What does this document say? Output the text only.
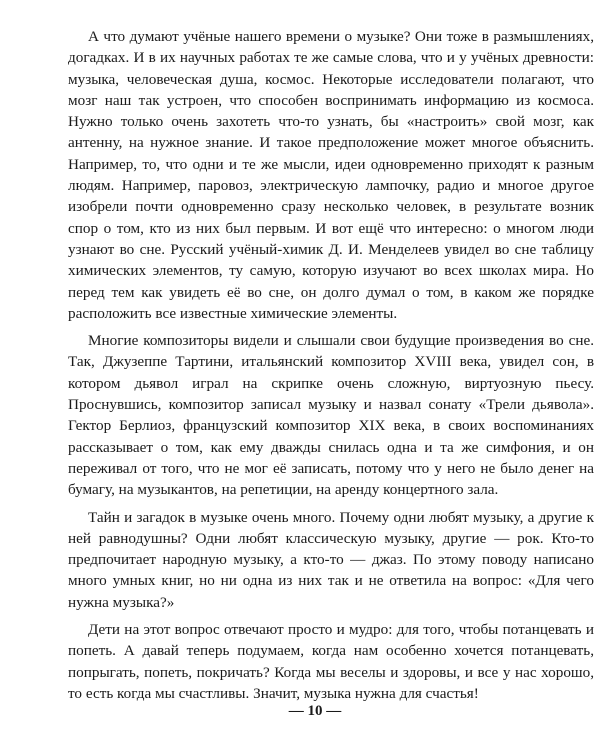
А что думают учёные нашего времени о музыке? Они тоже в размышлениях, догадках. И в их научных работах те же самые слова, что и у учёных древности: музыка, человеческая душа, космос. Некоторые исследователи полагают, что мозг наш так устроен, что способен воспринимать информацию из космоса. Нужно только очень захотеть что-то узнать, бы «настроить» свой мозг, как антенну, на нужное знание. И такое предположение может многое объяснить. Например, то, что одни и те же мысли, идеи одновременно приходят к разным людям. Например, паровоз, электрическую лампочку, радио и многое другое изобрели почти одновременно сразу несколько человек, в результате возник спор о том, кто из них был первым. И вот ещё что интересно: о многом люди узнают во сне. Русский учёный-химик Д. И. Менделеев увидел во сне таблицу химических элементов, ту самую, которую изучают во всех школах мира. Но перед тем как увидеть её во сне, он долго думал о том, в каком же порядке расположить все известные химические элементы.

Многие композиторы видели и слышали свои будущие произведения во сне. Так, Джузеппе Тартини, итальянский композитор XVIII века, увидел сон, в котором дьявол играл на скрипке очень сложную, виртуозную пьесу. Проснувшись, композитор записал музыку и назвал сонату «Трели дьявола». Гектор Берлиоз, французский композитор XIX века, в своих воспоминаниях рассказывает о том, как ему дважды снилась одна и та же симфония, и он переживал от того, что не мог её записать, потому что у него не было денег на бумагу, на музыкантов, на репетиции, на аренду концертного зала.

Тайн и загадок в музыке очень много. Почему одни любят музыку, а другие к ней равнодушны? Одни любят классическую музыку, другие — рок. Кто-то предпочитает народную музыку, а кто-то — джаз. По этому поводу написано много умных книг, но ни одна из них так и не ответила на вопрос: «Для чего нужна музыка?»

Дети на этот вопрос отвечают просто и мудро: для того, чтобы потанцевать и попеть. А давай теперь подумаем, когда нам особенно хочется потанцевать, попрыгать, попеть, покричать? Когда мы веселы и здоровы, и все у нас хорошо, то есть когда мы счастливы. Значит, музыка нужна для счастья!

— 10 —
